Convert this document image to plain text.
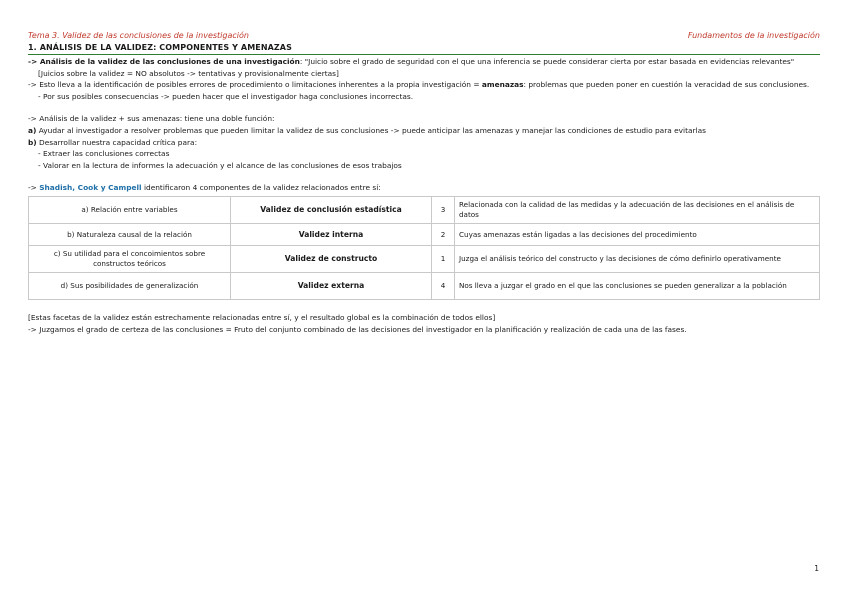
Tema 3. Validez de las conclusiones de la investigación	Fundamentos de la investigación
1. ANÁLISIS DE LA VALIDEZ: COMPONENTES Y AMENAZAS

-> Análisis de la validez de las conclusiones de una investigación: "Juicio sobre el grado de seguridad con el que una inferencia se puede considerar cierta por estar basada en evidencias relevantes"

[Juicios sobre la validez = NO absolutos -> tentativas y provisionalmente ciertas]

-> Esto lleva a la identificación de posibles errores de procedimiento o limitaciones inherentes a la propia investigación = amenazas: problemas que pueden poner en cuestión la veracidad de sus conclusiones.

- Por sus posibles consecuencias -> pueden hacer que el investigador haga conclusiones incorrectas.

-> Análisis de la validez + sus amenazas: tiene una doble función:

a) Ayudar al investigador a resolver problemas que pueden limitar la validez de sus conclusiones -> puede anticipar las amenazas y manejar las condiciones de estudio para evitarlas

b) Desarrollar nuestra capacidad crítica para:

- Extraer las conclusiones correctas

- Valorar en la lectura de informes la adecuación y el alcance de las conclusiones de esos trabajos

-> Shadish, Cook y Campell identificaron 4 componentes de la validez relacionados entre sí:

a) Relación entre variables	Validez de conclusión estadística	3	Relacionada con la calidad de las medidas y la adecuación de las decisiones en el análisis de datos
b) Naturaleza causal de la relación	Validez interna	2	Cuyas amenazas están ligadas a las decisiones del procedimiento
c) Su utilidad para el concoimientos sobre constructos teóricos	Validez de constructo	1	Juzga el análisis teórico del constructo y las decisiones de cómo definirlo operativamente
d) Sus posibilidades de generalización	Validez externa	4	Nos lleva a juzgar el grado en el que las conclusiones se pueden generalizar a la población

[Estas facetas de la validez están estrechamente relacionadas entre sí, y el resultado global es la combinación de todos ellos]

-> Juzgamos el grado de certeza de las conclusiones = Fruto del conjunto combinado de las decisiones del investigador en la planificación y realización de cada una de las fases.

1
